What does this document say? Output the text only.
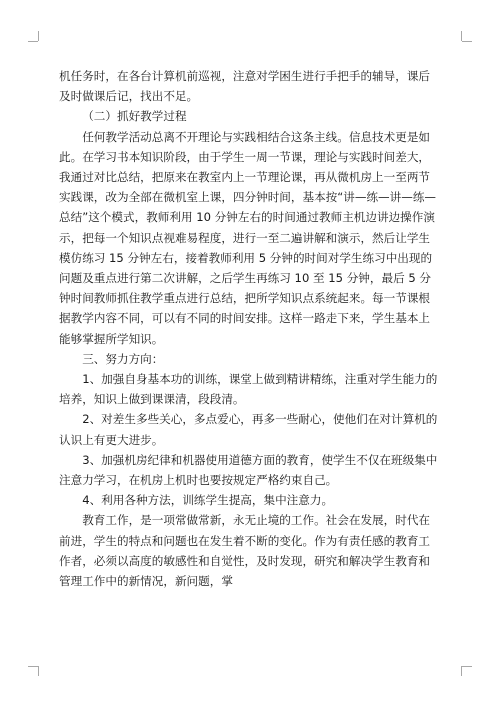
机任务时，在各台计算机前巡视，注意对学困生进行手把手的辅导，课后及时做课后记，找出不足。

（二）抓好教学过程

任何教学活动总离不开理论与实践相结合这条主线。信息技术更是如此。在学习书本知识阶段，由于学生一周一节课，理论与实践时间差大，我通过对比总结，把原来在教室内上一节理论课，再从微机房上一至两节实践课，改为全部在微机室上课，四分钟时间，基本按“讲—练—讲—练—总结”这个模式，教师利用 10 分钟左右的时间通过教师主机边讲边操作演示，把每一个知识点视难易程度，进行一至二遍讲解和演示，然后让学生模仿练习 15 分钟左右，接着教师利用 5 分钟的时间对学生练习中出现的问题及重点进行第二次讲解，之后学生再练习 10 至 15 分钟，最后 5 分钟时间教师抓住教学重点进行总结，把所学知识点系统起来。每一节课根据教学内容不同，可以有不同的时间安排。这样一路走下来，学生基本上能够掌握所学知识。

三、努力方向：

1、加强自身基本功的训练，课堂上做到精讲精练，注重对学生能力的培养，知识上做到课课清，段段清。

2、对差生多些关心，多点爱心，再多一些耐心，使他们在对计算机的认识上有更大进步。

3、加强机房纪律和机器使用道德方面的教育，使学生不仅在班级集中注意力学习，在机房上机时也要按规定严格约束自己。

4、利用各种方法，训练学生提高，集中注意力。

教育工作，是一项常做常新，永无止境的工作。社会在发展，时代在前进，学生的特点和问题也在发生着不断的变化。作为有责任感的教育工作者，必须以高度的敏感性和自觉性，及时发现，研究和解决学生教育和管理工作中的新情况，新问题，掌
